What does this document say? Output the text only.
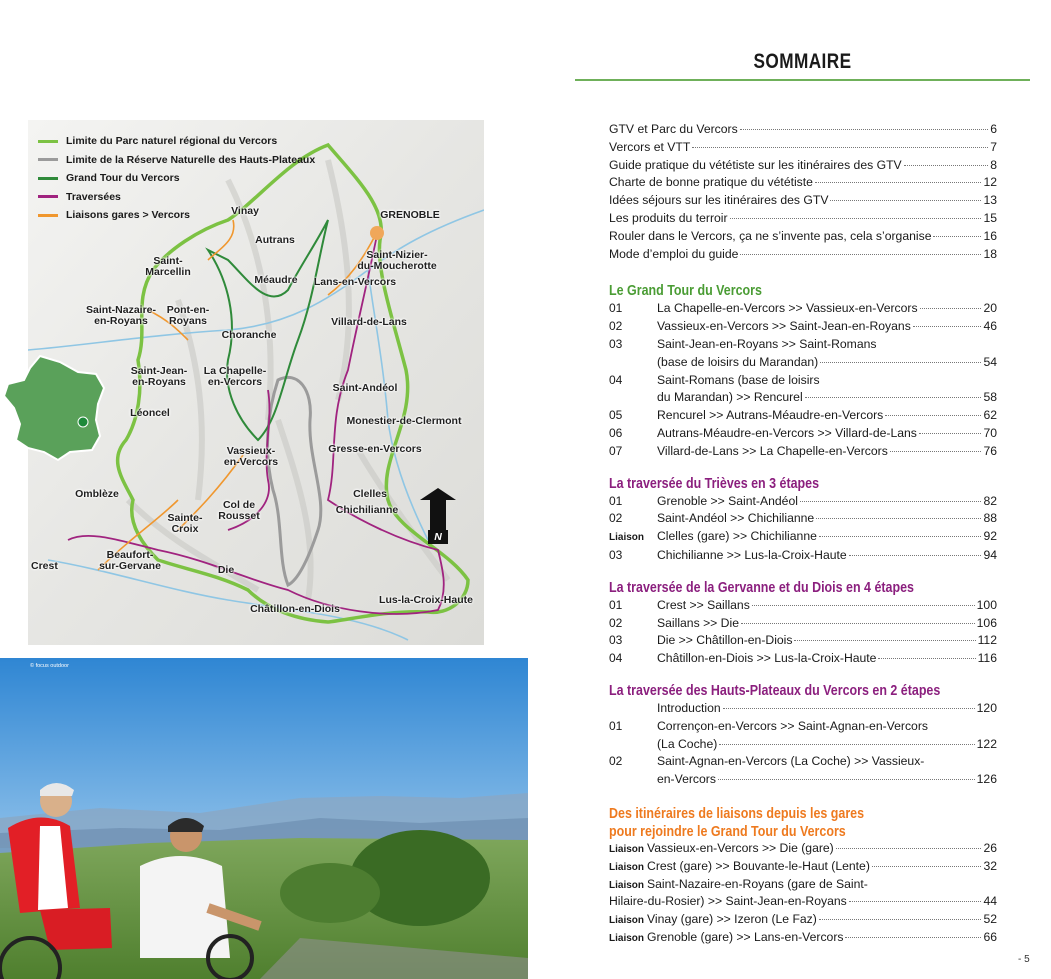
Limite du Parc naturel régional du Vercors
Limite de la Réserve Naturelle des Hauts-Plateaux
Grand Tour du Vercors
Traversées
Liaisons gares > Vercors	Vinay	GRENOBLE
Autrans
Saint-
Marcellin
Saint-Nizier-
du-Moucherotte
Méaudre Lans-en-Vercors
Saint-Nazaire-
en-Royans
Pont-en-
Royans	Villard-de-Lans
Choranche
Saint-Jean-
en-Royans
La Chapelle-
en-Vercors	Saint-Andéol
Léoncel
Monestier-de-Clermont
Vassieux-
en-Vercors
Gresse-en-Vercors
Omblèze	Clelles
Chichilianne
Col de
Rousset
Sainte-
Croix
Crest
Beaufort-
sur-Gervane	Die
Châtillon-en-Diois
Lus-la-Croix-Haute
N
© focus outdoor
SOMMAIRE
GTV et Parc du Vercors	6
Vercors et VTT	7
Guide pratique du vététiste sur les itinéraires des GTV	8
Charte de bonne pratique du vététiste	12
Idées séjours sur les itinéraires des GTV	13
Les produits du terroir	15
Rouler dans le Vercors, ça ne s’invente pas, cela s’organise	16
Mode d’emploi du guide	18
Le Grand Tour du Vercors
01	La Chapelle-en-Vercors >> Vassieux-en-Vercors	20
02	Vassieux-en-Vercors >> Saint-Jean-en-Royans	46
03	Saint-Jean-en-Royans >> Saint-Romans
(base de loisirs du Marandan)	54
04	Saint-Romans (base de loisirs
du Marandan) >> Rencurel	58
05	Rencurel >> Autrans-Méaudre-en-Vercors	62
06	Autrans-Méaudre-en-Vercors >> Villard-de-Lans	70
07	Villard-de-Lans >> La Chapelle-en-Vercors	76
La traversée du Trièves en 3 étapes
01	Grenoble >> Saint-Andéol	82
02	Saint-Andéol >> Chichilianne	88
Liaison	Clelles (gare) >> Chichilianne	92
03	Chichilianne >> Lus-la-Croix-Haute	94
La traversée de la Gervanne et du Diois en 4 étapes
01	Crest >> Saillans	100
02	Saillans >> Die	106
03	Die >> Châtillon-en-Diois	112
04	Châtillon-en-Diois >> Lus-la-Croix-Haute	116
La traversée des Hauts-Plateaux du Vercors en 2 étapes
Introduction	120
01	Corrençon-en-Vercors >> Saint-Agnan-en-Vercors
(La Coche)	122
02	Saint-Agnan-en-Vercors (La Coche) >> Vassieux-
en-Vercors	126
Des itinéraires de liaisons depuis les gares
pour rejoindre le Grand Tour du Vercors
Liaison Vassieux-en-Vercors >> Die (gare)	26
Liaison Crest (gare) >> Bouvante-le-Haut (Lente)	32
Liaison Saint-Nazaire-en-Royans (gare de Saint-
Hilaire-du-Rosier) >> Saint-Jean-en-Royans	44
Liaison Vinay (gare) >> Izeron (Le Faz)	52
Liaison Grenoble (gare) >> Lans-en-Vercors	66
- 5
